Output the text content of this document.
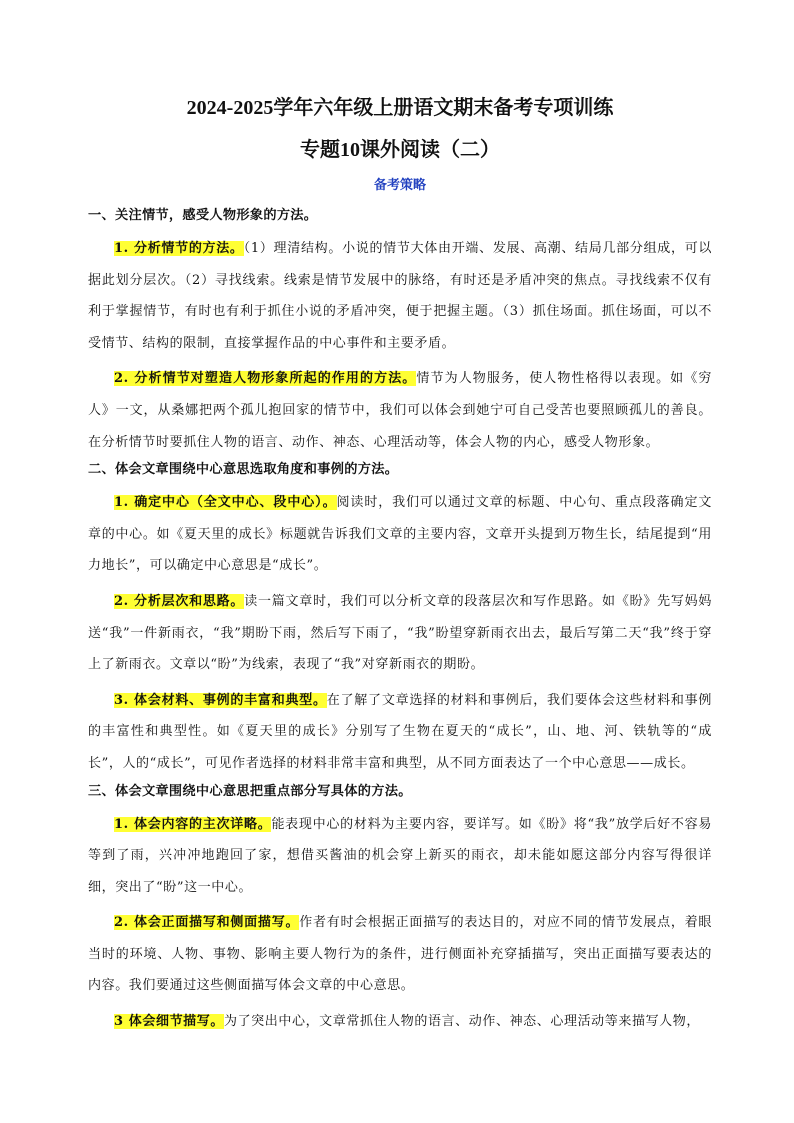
2024-2025学年六年级上册语文期末备考专项训练
专题10课外阅读（二）
备考策略
一、关注情节，感受人物形象的方法。

1. 分析情节的方法。（1）理清结构。小说的情节大体由开端、发展、高潮、结局几部分组成，可以据此划分层次。（2）寻找线索。线索是情节发展中的脉络，有时还是矛盾冲突的焦点。寻找线索不仅有利于掌握情节，有时也有利于抓住小说的矛盾冲突，便于把握主题。（3）抓住场面。抓住场面，可以不受情节、结构的限制，直接掌握作品的中心事件和主要矛盾。

2. 分析情节对塑造人物形象所起的作用的方法。情节为人物服务，使人物性格得以表现。如《穷人》一文，从桑娜把两个孤儿抱回家的情节中，我们可以体会到她宁可自己受苦也要照顾孤儿的善良。在分析情节时要抓住人物的语言、动作、神态、心理活动等，体会人物的内心，感受人物形象。

二、体会文章围绕中心意思选取角度和事例的方法。

1. 确定中心（全文中心、段中心）。阅读时，我们可以通过文章的标题、中心句、重点段落确定文章的中心。如《夏天里的成长》标题就告诉我们文章的主要内容，文章开头提到万物生长，结尾提到“用力地长”，可以确定中心意思是“成长”。

2. 分析层次和思路。读一篇文章时，我们可以分析文章的段落层次和写作思路。如《盼》先写妈妈送“我”一件新雨衣，“我”期盼下雨，然后写下雨了，“我”盼望穿新雨衣出去，最后写第二天“我”终于穿上了新雨衣。文章以“盼”为线索，表现了“我”对穿新雨衣的期盼。

3. 体会材料、事例的丰富和典型。在了解了文章选择的材料和事例后，我们要体会这些材料和事例的丰富性和典型性。如《夏天里的成长》分别写了生物在夏天的“成长”，山、地、河、铁轨等的“成长”，人的“成长”，可见作者选择的材料非常丰富和典型，从不同方面表达了一个中心意思——成长。

三、体会文章围绕中心意思把重点部分写具体的方法。

1. 体会内容的主次详略。能表现中心的材料为主要内容，要详写。如《盼》将“我”放学后好不容易等到了雨，兴冲冲地跑回了家，想借买酱油的机会穿上新买的雨衣，却未能如愿这部分内容写得很详细，突出了“盼”这一中心。

2. 体会正面描写和侧面描写。作者有时会根据正面描写的表达目的，对应不同的情节发展点，着眼当时的环境、人物、事物、影响主要人物行为的条件，进行侧面补充穿插描写，突出正面描写要表达的内容。我们要通过这些侧面描写体会文章的中心意思。

3 体会细节描写。为了突出中心，文章常抓住人物的语言、动作、神态、心理活动等来描写人物，
